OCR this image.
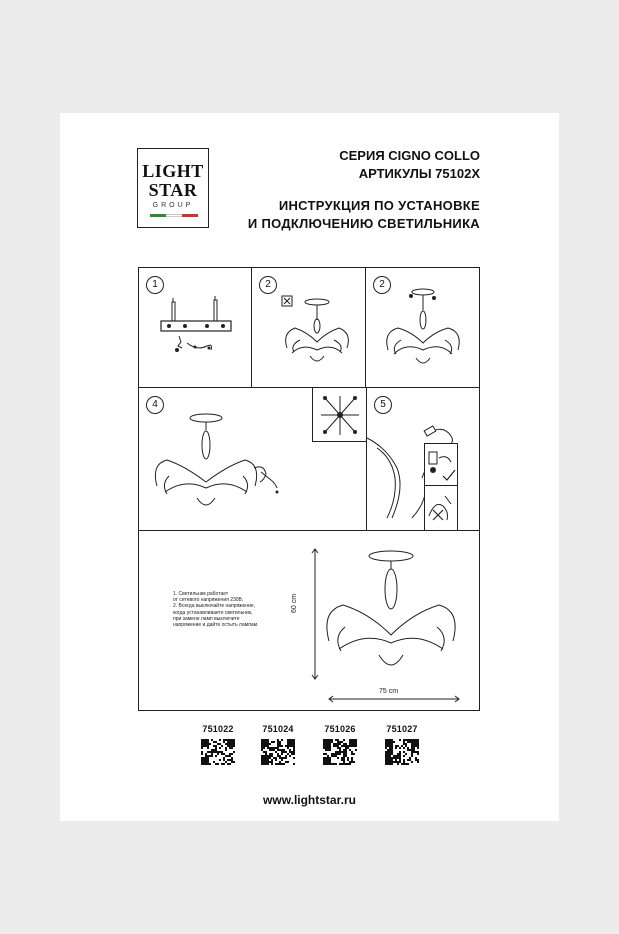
LIGHT
STAR
GROUP
СЕРИЯ CIGNO COLLO
АРТИКУЛЫ 75102X
ИНСТРУКЦИЯ ПО УСТАНОВКЕ
И ПОДКЛЮЧЕНИЮ СВЕТИЛЬНИКА
1	2	2
4	5
1. Светильник работает
от сетевого напряжения 230В.
2. Всегда выключайте напряжение,
когда устанавливаете светильник,
при замене ламп выключите
напряжение и дайте остыть лампам.
60 cm
75 cm
751022	751024	751026	751027
www.lightstar.ru
